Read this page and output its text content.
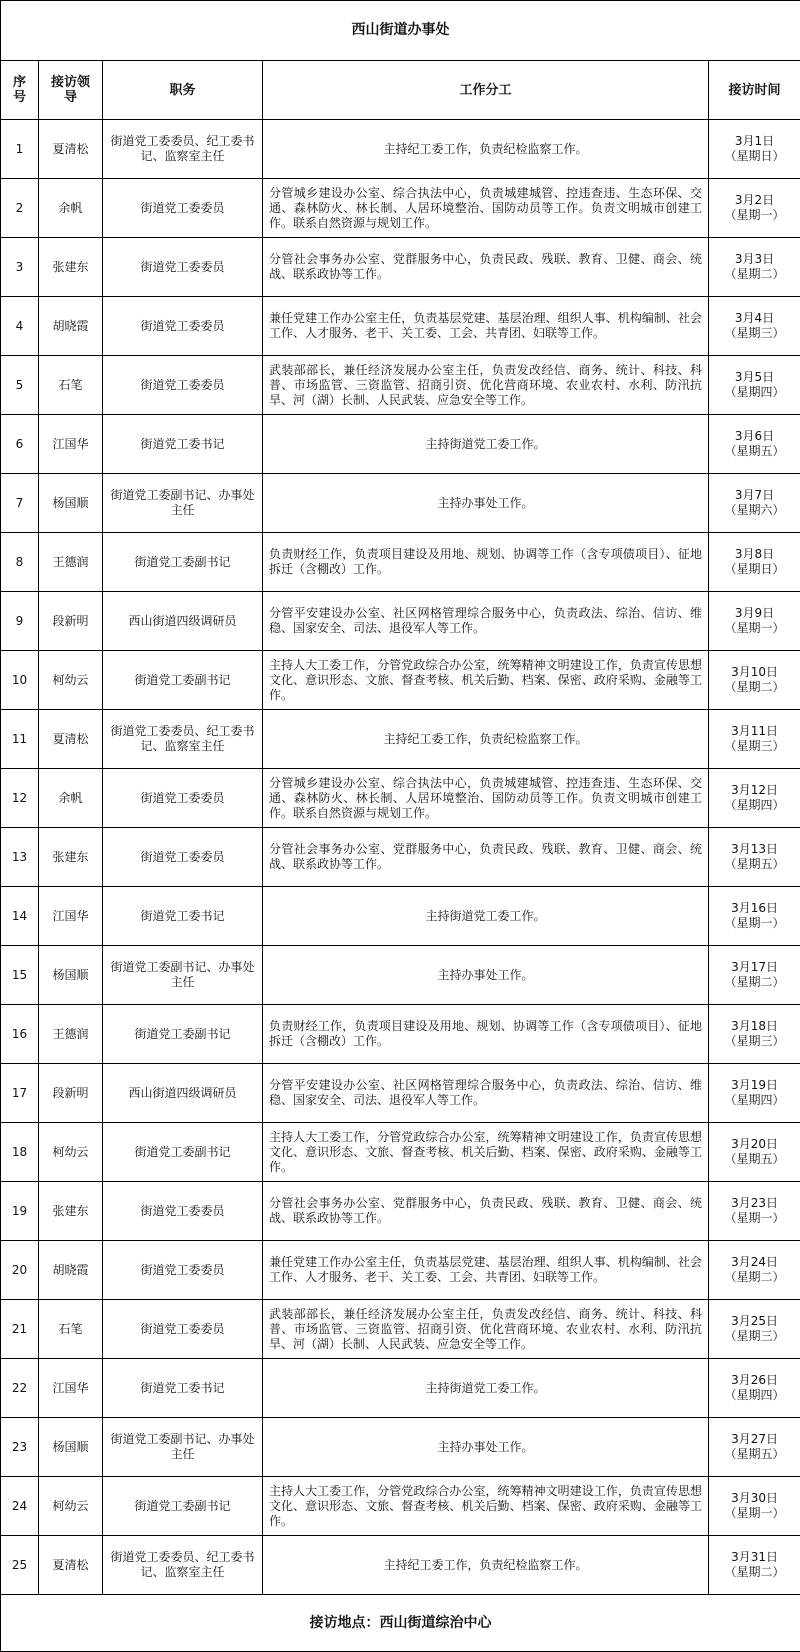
西山街道办事处				
序号	接访领导	职务	工作分工	接访时间
1	夏清松	街道党工委委员、纪工委书记、监察室主任	主持纪工委工作，负责纪检监察工作。	3月1日
（星期日）

2	余帆	街道党工委委员	分管城乡建设办公室、综合执法中心，负责城建城管、控违查违、生态环保、交通、森林防火、林长制、人居环境整治、国防动员等工作。负责文明城市创建工作。联系自然资源与规划工作。	3月2日
（星期一）

3	张建东	街道党工委委员	分管社会事务办公室、党群服务中心，负责民政、残联、教育、卫健、商会、统战、联系政协等工作。	3月3日
（星期二）

4	胡晓霞	街道党工委委员	兼任党建工作办公室主任，负责基层党建、基层治理、组织人事、机构编制、社会工作、人才服务、老干、关工委、工会、共青团、妇联等工作。	3月4日
（星期三）

5	石笔	街道党工委委员	武装部部长，兼任经济发展办公室主任，负责发改经信、商务、统计、科技、科普、市场监管、三资监管、招商引资、优化营商环境、农业农村、水利、防汛抗旱、河（湖）长制、人民武装、应急安全等工作。	3月5日
（星期四）

6	江国华	街道党工委书记	主持街道党工委工作。	3月6日
（星期五）

7	杨国顺	街道党工委副书记、办事处主任	主持办事处工作。	3月7日
（星期六）

8	王德润	街道党工委副书记	负责财经工作，负责项目建设及用地、规划、协调等工作（含专项债项目）、征地拆迁（含棚改）工作。	3月8日
（星期日）

9	段新明	西山街道四级调研员	分管平安建设办公室、社区网格管理综合服务中心，负责政法、综治、信访、维稳、国家安全、司法、退役军人等工作。	3月9日
（星期一）

10	柯幼云	街道党工委副书记	主持人大工委工作，分管党政综合办公室，统筹精神文明建设工作，负责宣传思想文化、意识形态、文旅、督查考核、机关后勤、档案、保密、政府采购、金融等工作。	3月10日
（星期二）

11	夏清松	街道党工委委员、纪工委书记、监察室主任	主持纪工委工作，负责纪检监察工作。	3月11日
（星期三）

12	余帆	街道党工委委员	分管城乡建设办公室、综合执法中心，负责城建城管、控违查违、生态环保、交通、森林防火、林长制、人居环境整治、国防动员等工作。负责文明城市创建工作。联系自然资源与规划工作。	3月12日
（星期四）

13	张建东	街道党工委委员	分管社会事务办公室、党群服务中心，负责民政、残联、教育、卫健、商会、统战、联系政协等工作。	3月13日
（星期五）

14	江国华	街道党工委书记	主持街道党工委工作。	3月16日
（星期一）

15	杨国顺	街道党工委副书记、办事处主任	主持办事处工作。	3月17日
（星期二）

16	王德润	街道党工委副书记	负责财经工作，负责项目建设及用地、规划、协调等工作（含专项债项目）、征地拆迁（含棚改）工作。	3月18日
（星期三）

17	段新明	西山街道四级调研员	分管平安建设办公室、社区网格管理综合服务中心，负责政法、综治、信访、维稳、国家安全、司法、退役军人等工作。	3月19日
（星期四）

18	柯幼云	街道党工委副书记	主持人大工委工作，分管党政综合办公室，统筹精神文明建设工作，负责宣传思想文化、意识形态、文旅、督查考核、机关后勤、档案、保密、政府采购、金融等工作。	3月20日
（星期五）

19	张建东	街道党工委委员	分管社会事务办公室、党群服务中心，负责民政、残联、教育、卫健、商会、统战、联系政协等工作。	3月23日
（星期一）

20	胡晓霞	街道党工委委员	兼任党建工作办公室主任，负责基层党建、基层治理、组织人事、机构编制、社会工作、人才服务、老干、关工委、工会、共青团、妇联等工作。	3月24日
（星期二）

21	石笔	街道党工委委员	武装部部长，兼任经济发展办公室主任，负责发改经信、商务、统计、科技、科普、市场监管、三资监管、招商引资、优化营商环境、农业农村、水利、防汛抗旱、河（湖）长制、人民武装、应急安全等工作。	3月25日
（星期三）

22	江国华	街道党工委书记	主持街道党工委工作。	3月26日
（星期四）

23	杨国顺	街道党工委副书记、办事处主任	主持办事处工作。	3月27日
（星期五）

24	柯幼云	街道党工委副书记	主持人大工委工作，分管党政综合办公室，统筹精神文明建设工作，负责宣传思想文化、意识形态、文旅、督查考核、机关后勤、档案、保密、政府采购、金融等工作。	3月30日
（星期一）

25	夏清松	街道党工委委员、纪工委书记、监察室主任	主持纪工委工作，负责纪检监察工作。	3月31日
（星期二）

接访地点：西山街道综治中心				
